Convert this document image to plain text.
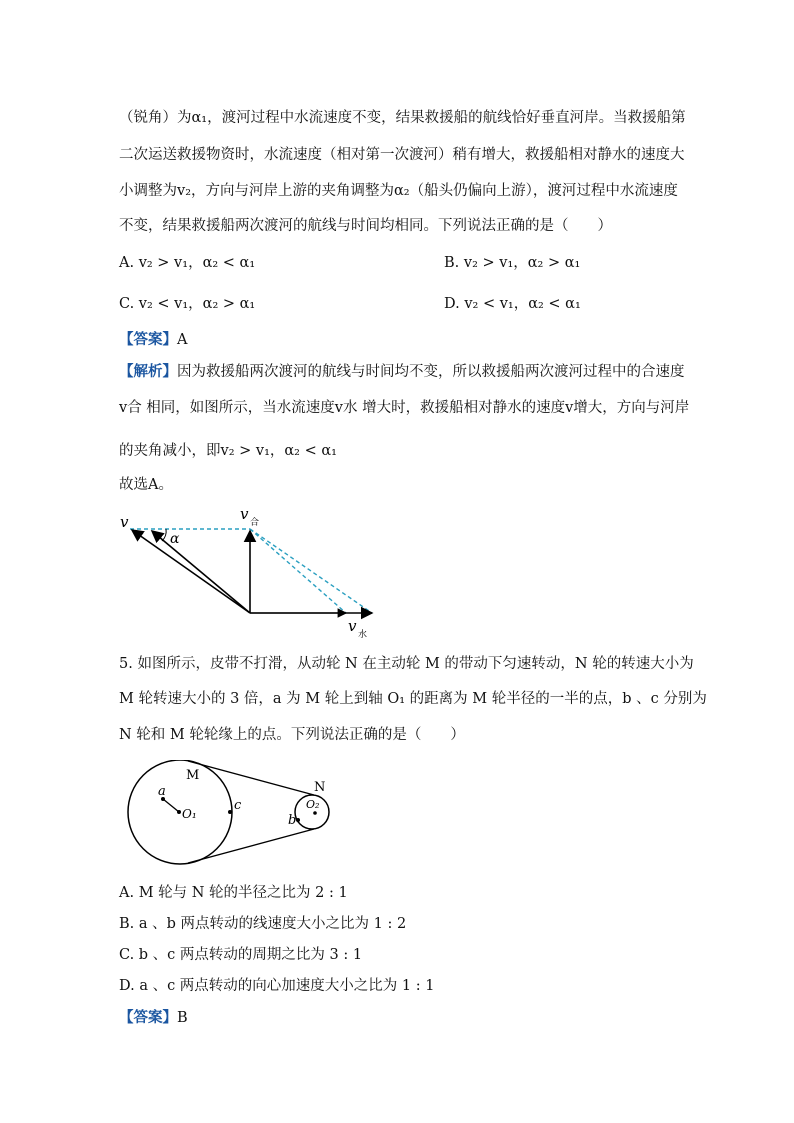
（锐角）为α₁，渡河过程中水流速度不变，结果救援船的航线恰好垂直河岸。当救援船第
二次运送救援物资时，水流速度（相对第一次渡河）稍有增大，救援船相对静水的速度大
小调整为v₂，方向与河岸上游的夹角调整为α₂（船头仍偏向上游），渡河过程中水流速度
不变，结果救援船两次渡河的航线与时间均相同。下列说法正确的是（　　）
A. v₂ > v₁，α₂ < α₁	B. v₂ > v₁，α₂ > α₁
C. v₂ < v₁，α₂ > α₁	D. v₂ < v₁，α₂ < α₁
【答案】A
【解析】因为救援船两次渡河的航线与时间均不变，所以救援船两次渡河过程中的合速度
v合 相同，如图所示，当水流速度v水 增大时，救援船相对静水的速度v增大，方向与河岸
的夹角减小，即v₂ > v₁，α₂ < α₁
故选A。
v
α
v 合
v 水
5. 如图所示，皮带不打滑，从动轮 N 在主动轮 M 的带动下匀速转动，N 轮的转速大小为
M 轮转速大小的 3 倍，a 为 M 轮上到轴 O₁ 的距离为 M 轮半径的一半的点，b 、c 分别为
N 轮和 M 轮轮缘上的点。下列说法正确的是（　　）
M
N
a
c
b
O₁
O₂
A. M 轮与 N 轮的半径之比为 2 : 1
B. a 、b 两点转动的线速度大小之比为 1 : 2
C. b 、c 两点转动的周期之比为 3 : 1
D. a 、c 两点转动的向心加速度大小之比为 1 : 1
【答案】B
